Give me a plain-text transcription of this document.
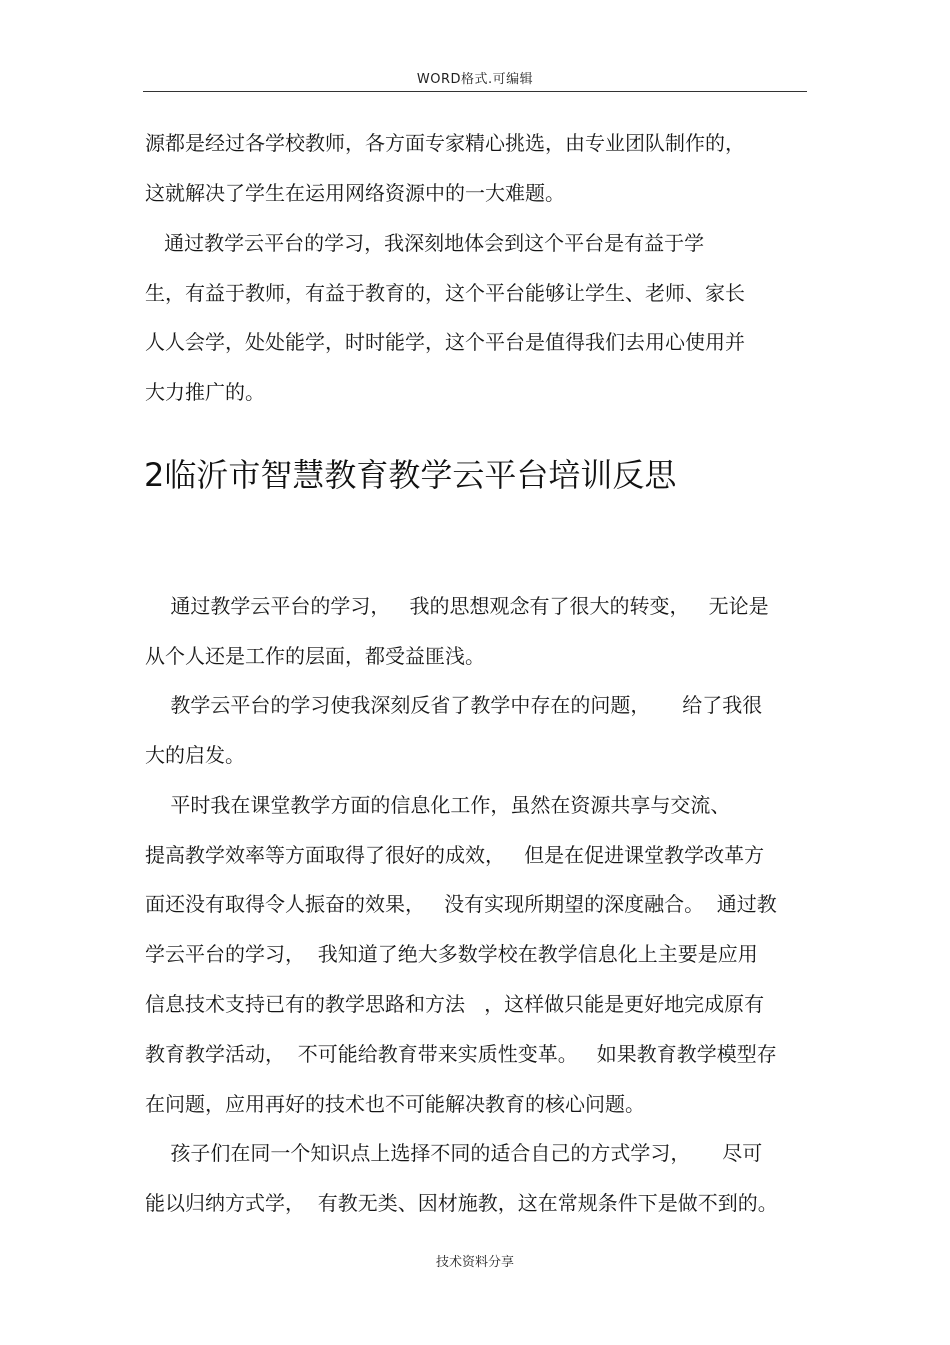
WORD格式.可编辑
源都是经过各学校教师，各方面专家精心挑选，由专业团队制作的，
这就解决了学生在运用网络资源中的一大难题。
通过教学云平台的学习，我深刻地体会到这个平台是有益于学
生，有益于教师，有益于教育的，这个平台能够让学生、老师、家长
人人会学，处处能学，时时能学，这个平台是值得我们去用心使用并
大力推广的。
2临沂市智慧教育教学云平台培训反思
通过教学云平台的学习，   我的思想观念有了很大的转变，   无论是
从个人还是工作的层面，都受益匪浅。
教学云平台的学习使我深刻反省了教学中存在的问题，     给了我很
大的启发。
平时我在课堂教学方面的信息化工作，虽然在资源共享与交流、
提高教学效率等方面取得了很好的成效，   但是在促进课堂教学改革方
面还没有取得令人振奋的效果，   没有实现所期望的深度融合。  通过教
学云平台的学习，  我知道了绝大多数学校在教学信息化上主要是应用
信息技术支持已有的教学思路和方法   ，这样做只能是更好地完成原有
教育教学活动，  不可能给教育带来实质性变革。   如果教育教学模型存
在问题，应用再好的技术也不可能解决教育的核心问题。
孩子们在同一个知识点上选择不同的适合自己的方式学习，     尽可
能以归纳方式学，  有教无类、因材施教，这在常规条件下是做不到的。
技术资料分享
